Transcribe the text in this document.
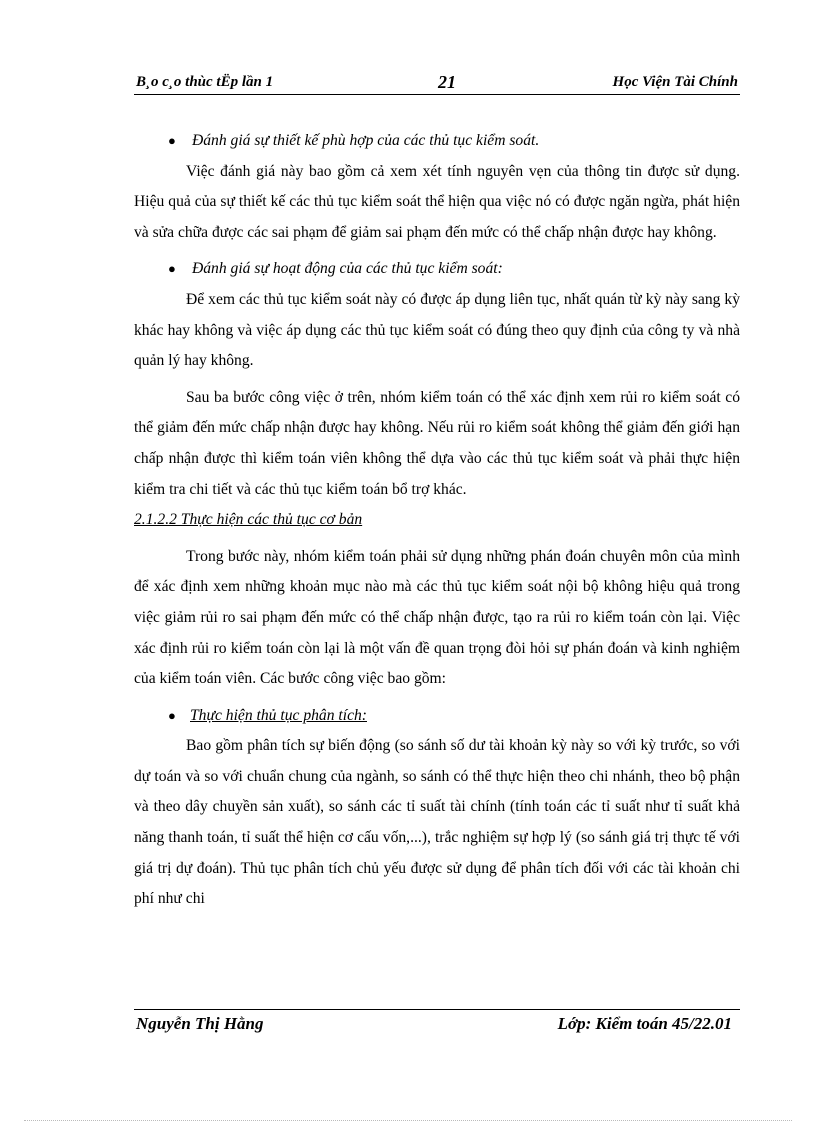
B¸o c¸o thùc tËp lần 1	21	Học Viện Tài Chính

● Đánh giá sự thiết kế phù hợp của các thủ tục kiểm soát.

Việc đánh giá này bao gồm cả xem xét tính nguyên vẹn của thông tin được sử dụng. Hiệu quả của sự thiết kế các thủ tục kiểm soát thể hiện qua việc nó có được ngăn ngừa, phát hiện và sửa chữa được các sai phạm để giảm sai phạm đến mức có thể chấp nhận được hay không.

● Đánh giá sự hoạt động của các thủ tục kiểm soát:

Để xem các thủ tục kiểm soát này có được áp dụng liên tục, nhất quán từ kỳ này sang kỳ khác hay không và việc áp dụng các thủ tục kiểm soát có đúng theo quy định của công ty và nhà quản lý hay không.

Sau ba bước công việc ở trên, nhóm kiểm toán có thể xác định xem rủi ro kiểm soát có thể giảm đến mức chấp nhận được hay không. Nếu rủi ro kiểm soát không thể giảm đến giới hạn chấp nhận được thì kiểm toán viên không thể dựa vào các thủ tục kiểm soát và phải thực hiện kiểm tra chi tiết và các thủ tục kiểm toán bổ trợ khác.

2.1.2.2 Thực hiện các thủ tục cơ bản

Trong bước này, nhóm kiểm toán phải sử dụng những phán đoán chuyên môn của mình để xác định xem những khoản mục nào mà các thủ tục kiểm soát nội bộ không hiệu quả trong việc giảm rủi ro sai phạm đến mức có thể chấp nhận được, tạo ra rủi ro kiểm toán còn lại. Việc xác định rủi ro kiểm toán còn lại là một vấn đề quan trọng đòi hỏi sự phán đoán và kinh nghiệm của kiểm toán viên. Các bước công việc bao gồm:

● Thực hiện thủ tục phân tích:

Bao gồm phân tích sự biến động (so sánh số dư tài khoản kỳ này so với kỳ trước, so với dự toán và so với chuẩn chung của ngành, so sánh có thể thực hiện theo chi nhánh, theo bộ phận và theo dây chuyền sản xuất), so sánh các tỉ suất tài chính (tính toán các tỉ suất như tỉ suất khả năng thanh toán, tỉ suất thể hiện cơ cấu vốn,...), trắc nghiệm sự hợp lý (so sánh giá trị thực tế với giá trị dự đoán). Thủ tục phân tích chủ yếu được sử dụng để phân tích đối với các tài khoản chi phí như chi

Nguyễn Thị Hằng	Lớp: Kiểm toán 45/22.01
